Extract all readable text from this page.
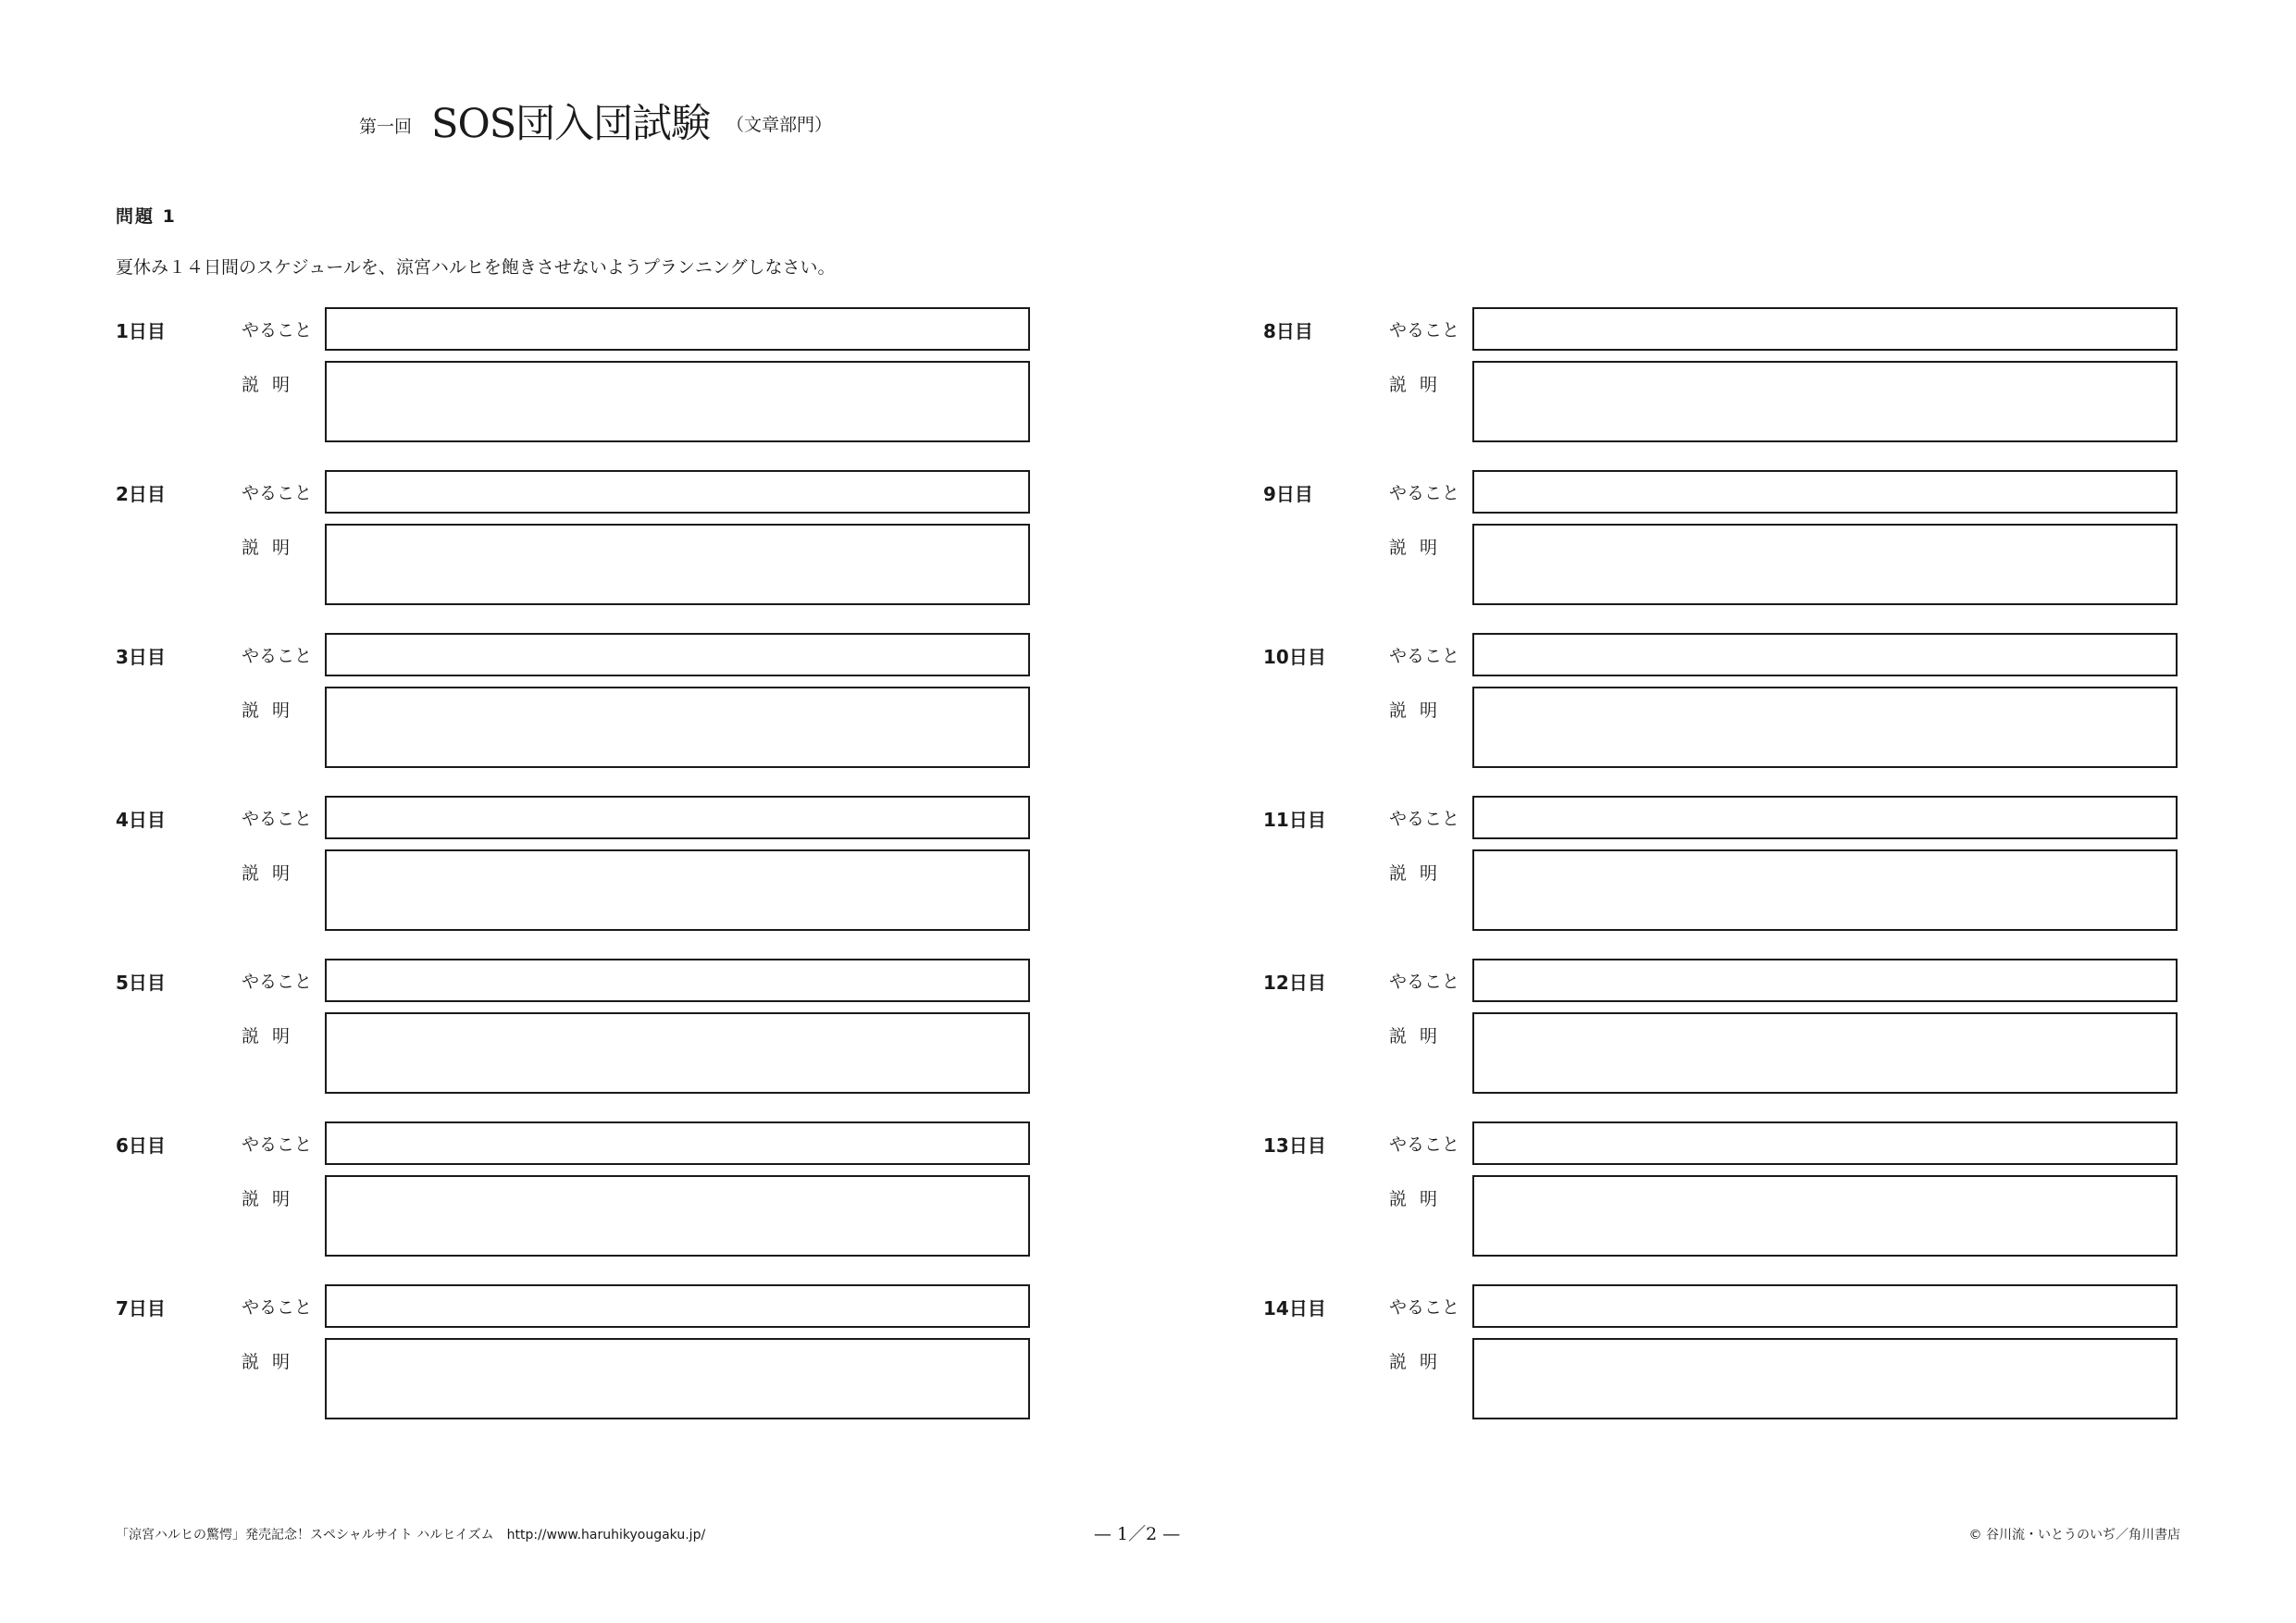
第一回 SOS団入団試験 （文章部門）
問題 1
夏休み１４日間のスケジュールを、涼宮ハルヒを飽きさせないようプランニングしなさい。
1日目	やること
説明
2日目	やること
説明
3日目	やること
説明
4日目	やること
説明
5日目	やること
説明
6日目	やること
説明
7日目	やること
説明
8日目	やること
説明
9日目	やること
説明
10日目	やること
説明
11日目	やること
説明
12日目	やること
説明
13日目	やること
説明
14日目	やること
説明
「涼宮ハルヒの驚愕」発売記念！スペシャルサイト ハルヒイズム　http://www.haruhikyougaku.jp/	— 1／2 —	© 谷川流・いとうのいぢ／角川書店
